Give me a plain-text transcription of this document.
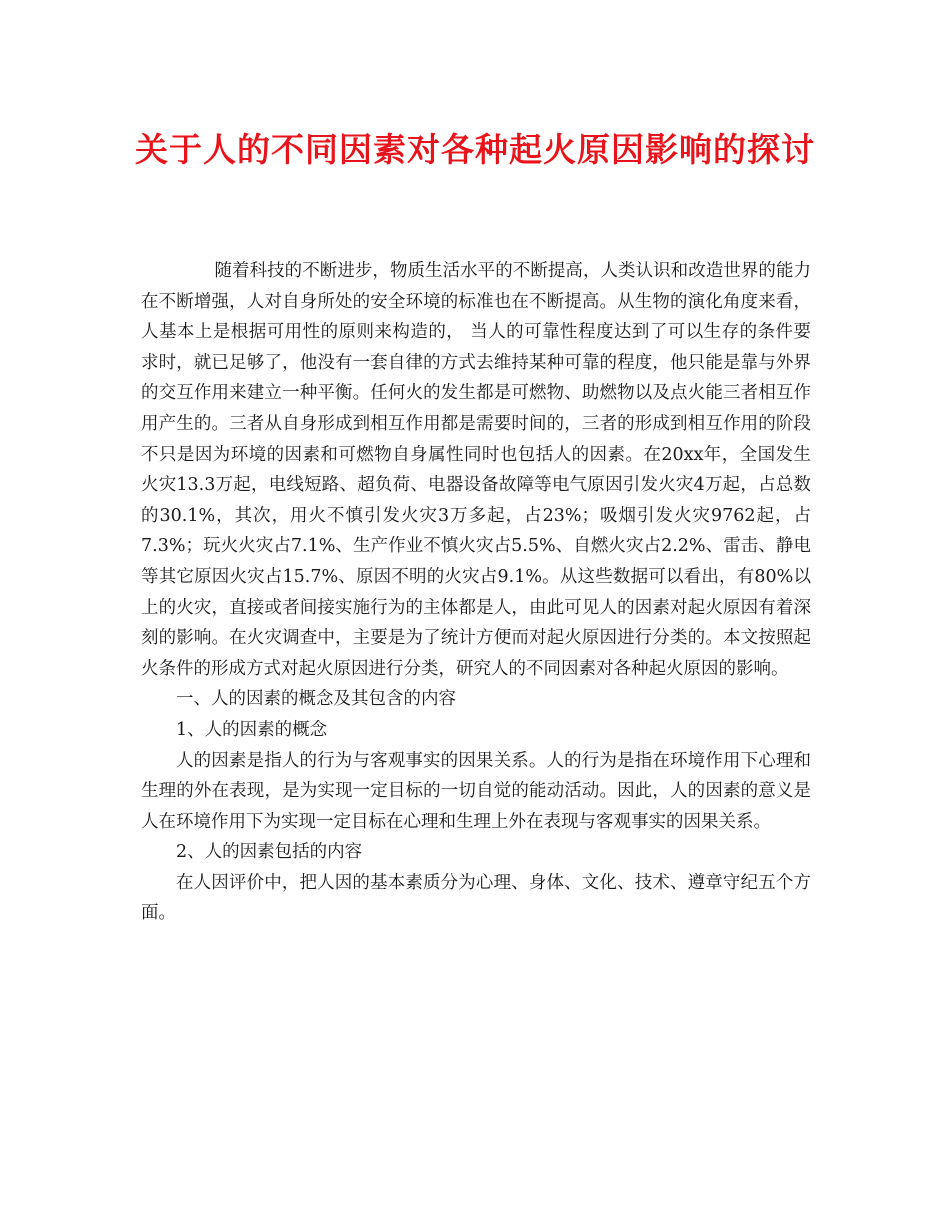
关于人的不同因素对各种起火原因影响的探讨

随着科技的不断进步，物质生活水平的不断提高，人类认识和改造世界的能力在不断增强，人对自身所处的安全环境的标准也在不断提高。从生物的演化角度来看，人基本上是根据可用性的原则来构造的， 当人的可靠性程度达到了可以生存的条件要求时，就已足够了，他没有一套自律的方式去维持某种可靠的程度，他只能是靠与外界的交互作用来建立一种平衡。任何火的发生都是可燃物、助燃物以及点火能三者相互作用产生的。三者从自身形成到相互作用都是需要时间的，三者的形成到相互作用的阶段不只是因为环境的因素和可燃物自身属性同时也包括人的因素。在20xx年，全国发生火灾13.3万起，电线短路、超负荷、电器设备故障等电气原因引发火灾4万起，占总数的30.1%，其次，用火不慎引发火灾3万多起，占23%；吸烟引发火灾9762起，占7.3%；玩火火灾占7.1%、生产作业不慎火灾占5.5%、自燃火灾占2.2%、雷击、静电等其它原因火灾占15.7%、原因不明的火灾占9.1%。从这些数据可以看出，有80%以上的火灾，直接或者间接实施行为的主体都是人，由此可见人的因素对起火原因有着深刻的影响。在火灾调查中，主要是为了统计方便而对起火原因进行分类的。本文按照起火条件的形成方式对起火原因进行分类，研究人的不同因素对各种起火原因的影响。

一、人的因素的概念及其包含的内容

1、人的因素的概念

人的因素是指人的行为与客观事实的因果关系。人的行为是指在环境作用下心理和生理的外在表现，是为实现一定目标的一切自觉的能动活动。因此，人的因素的意义是人在环境作用下为实现一定目标在心理和生理上外在表现与客观事实的因果关系。

2、人的因素包括的内容

在人因评价中，把人因的基本素质分为心理、身体、文化、技术、遵章守纪五个方面。
